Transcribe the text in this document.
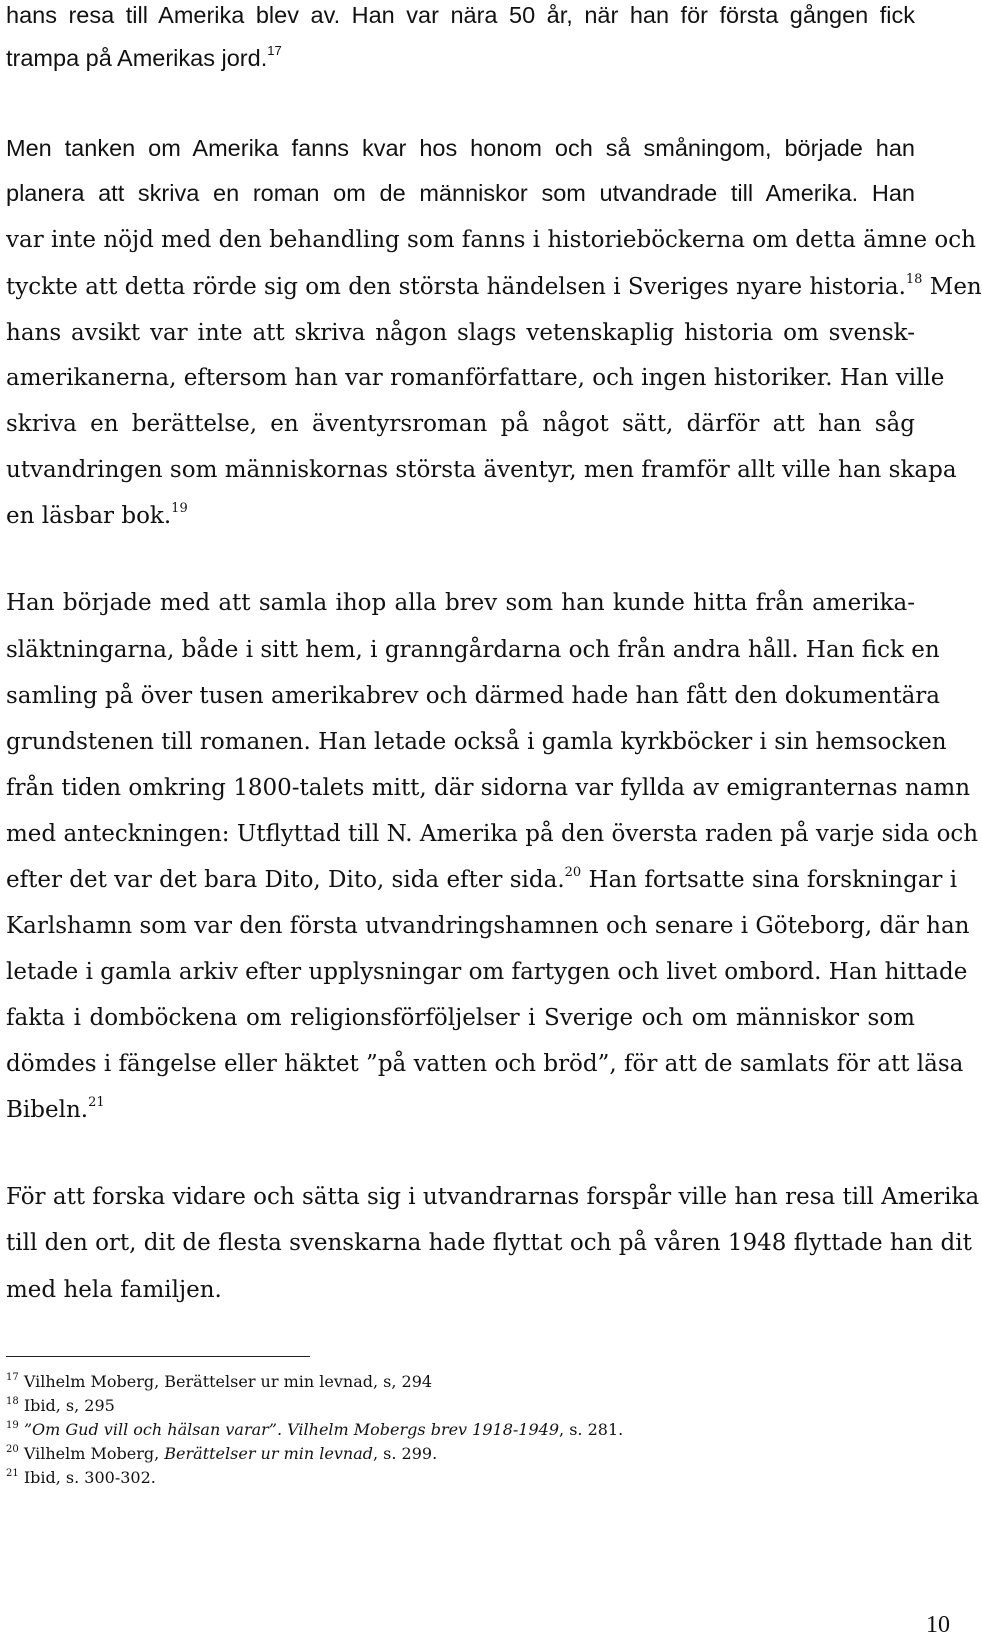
hans resa till Amerika blev av. Han var nära 50 år, när han för första gången fick
trampa på Amerikas jord.$^{17}$
Men tanken om Amerika fanns kvar hos honom och så småningom, började han
planera att skriva en roman om de människor som utvandrade till Amerika. Han
var inte nöjd med den behandling som fanns i historieböckerna om detta ämne och
tyckte att detta rörde sig om den största händelsen i Sveriges nyare historia.$^{18}$ Men
hans avsikt var inte att skriva någon slags vetenskaplig historia om svensk-
amerikanerna, eftersom han var romanförfattare, och ingen historiker. Han ville
skriva en berättelse, en äventyrsroman på något sätt, därför att han såg
utvandringen som människornas största äventyr, men framför allt ville han skapa
en läsbar bok.$^{19}$
Han började med att samla ihop alla brev som han kunde hitta från amerika-
släktningarna, både i sitt hem, i granngårdarna och från andra håll. Han fick en
samling på över tusen amerikabrev och därmed hade han fått den dokumentära
grundstenen till romanen. Han letade också i gamla kyrkböcker i sin hemsocken
från tiden omkring 1800-talets mitt, där sidorna var fyllda av emigranternas namn
med anteckningen: Utflyttad till N. Amerika på den översta raden på varje sida och
efter det var det bara Dito, Dito, sida efter sida.$^{20}$ Han fortsatte sina forskningar i
Karlshamn som var den första utvandringshamnen och senare i Göteborg, där han
letade i gamla arkiv efter upplysningar om fartygen och livet ombord. Han hittade
fakta i domböckena om religionsförföljelser i Sverige och om människor som
dömdes i fängelse eller häktet ”på vatten och bröd”, för att de samlats för att läsa
Bibeln.$^{21}$
För att forska vidare och sätta sig i utvandrarnas forspår ville han resa till Amerika
till den ort, dit de flesta svenskarna hade flyttat och på våren 1948 flyttade han dit
med hela familjen.
$^{17}$ Vilhelm Moberg, Berättelser ur min levnad, s, 294
$^{18}$ Ibid, s, 295
$^{19}$ ”Om Gud vill och hälsan varar”. Vilhelm Mobergs brev 1918-1949, s. 281.
$^{20}$ Vilhelm Moberg, Berättelser ur min levnad, s. 299.
$^{21}$ Ibid, s. 300-302.
10
